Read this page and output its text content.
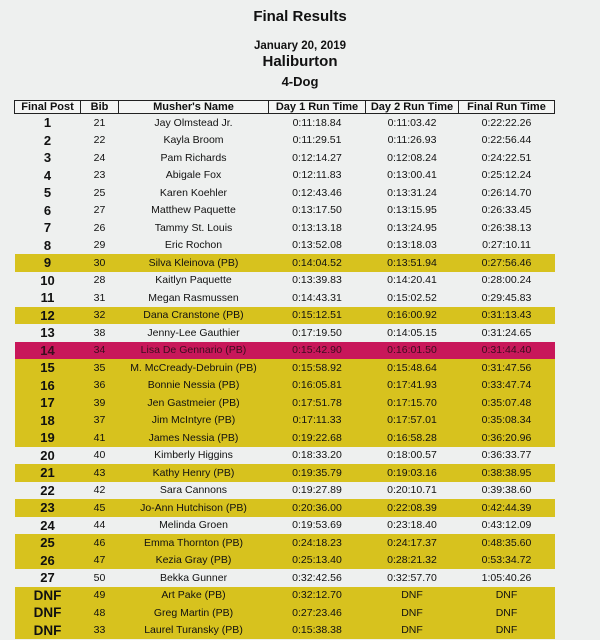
Final Results
January 20, 2019
Haliburton
4-Dog
Final Post	Bib	Musher's Name	Day 1 Run Time	Day 2 Run Time	Final Run Time
1	21	Jay Olmstead Jr.	0:11:18.84	0:11:03.42	0:22:22.26
2	22	Kayla Broom	0:11:29.51	0:11:26.93	0:22:56.44
3	24	Pam Richards	0:12:14.27	0:12:08.24	0:24:22.51
4	23	Abigale Fox	0:12:11.83	0:13:00.41	0:25:12.24
5	25	Karen Koehler	0:12:43.46	0:13:31.24	0:26:14.70
6	27	Matthew Paquette	0:13:17.50	0:13:15.95	0:26:33.45
7	26	Tammy St. Louis	0:13:13.18	0:13:24.95	0:26:38.13
8	29	Eric Rochon	0:13:52.08	0:13:18.03	0:27:10.11
9	30	Silva Kleinova (PB)	0:14:04.52	0:13:51.94	0:27:56.46
10	28	Kaitlyn Paquette	0:13:39.83	0:14:20.41	0:28:00.24
11	31	Megan Rasmussen	0:14:43.31	0:15:02.52	0:29:45.83
12	32	Dana Cranstone (PB)	0:15:12.51	0:16:00.92	0:31:13.43
13	38	Jenny-Lee Gauthier	0:17:19.50	0:14:05.15	0:31:24.65
14	34	Lisa De Gennario (PB)	0:15:42.90	0:16:01.50	0:31:44.40
15	35	M. McCready-Debruin (PB)	0:15:58.92	0:15:48.64	0:31:47.56
16	36	Bonnie Nessia (PB)	0:16:05.81	0:17:41.93	0:33:47.74
17	39	Jen Gastmeier (PB)	0:17:51.78	0:17:15.70	0:35:07.48
18	37	Jim McIntyre (PB)	0:17:11.33	0:17:57.01	0:35:08.34
19	41	James Nessia (PB)	0:19:22.68	0:16:58.28	0:36:20.96
20	40	Kimberly Higgins	0:18:33.20	0:18:00.57	0:36:33.77
21	43	Kathy Henry (PB)	0:19:35.79	0:19:03.16	0:38:38.95
22	42	Sara Cannons	0:19:27.89	0:20:10.71	0:39:38.60
23	45	Jo-Ann Hutchison (PB)	0:20:36.00	0:22:08.39	0:42:44.39
24	44	Melinda Groen	0:19:53.69	0:23:18.40	0:43:12.09
25	46	Emma Thornton (PB)	0:24:18.23	0:24:17.37	0:48:35.60
26	47	Kezia Gray (PB)	0:25:13.40	0:28:21.32	0:53:34.72
27	50	Bekka Gunner	0:32:42.56	0:32:57.70	1:05:40.26
DNF	49	Art Pake (PB)	0:32:12.70	DNF	DNF
DNF	48	Greg Martin (PB)	0:27:23.46	DNF	DNF
DNF	33	Laurel Turansky (PB)	0:15:38.38	DNF	DNF
